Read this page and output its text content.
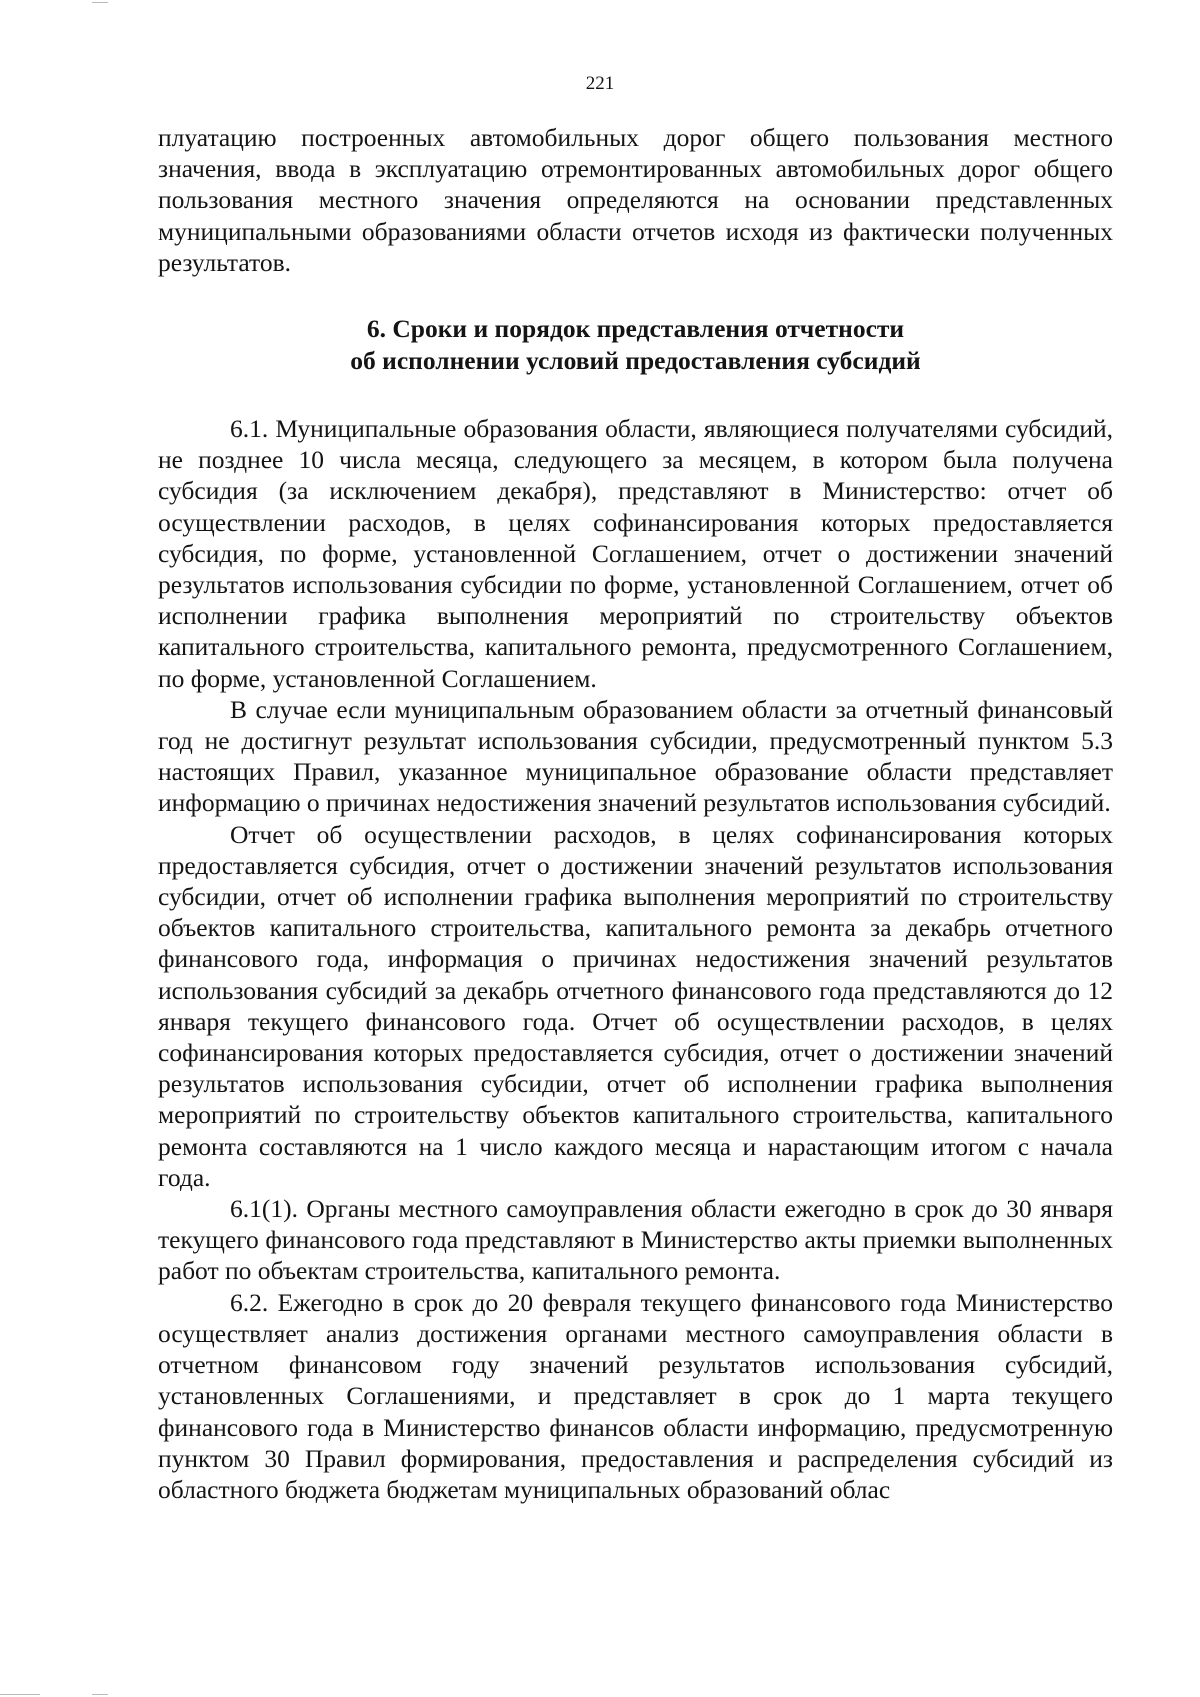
221

плуатацию построенных автомобильных дорог общего пользования местного значения, ввода в эксплуатацию отремонтированных автомобильных дорог общего пользования местного значения определяются на основании представленных муниципальными образованиями области отчетов исходя из фактически полученных результатов.

6. Сроки и порядок представления отчетности
об исполнении условий предоставления субсидий

6.1. Муниципальные образования области, являющиеся получателями субсидий, не позднее 10 числа месяца, следующего за месяцем, в котором была получена субсидия (за исключением декабря), представляют в Министерство: отчет об осуществлении расходов, в целях софинансирования которых предоставляется субсидия, по форме, установленной Соглашением, отчет о достижении значений результатов использования субсидии по форме, установленной Соглашением, отчет об исполнении графика выполнения мероприятий по строительству объектов капитального строительства, капитального ремонта, предусмотренного Соглашением, по форме, установленной Соглашением.

В случае если муниципальным образованием области за отчетный финансовый год не достигнут результат использования субсидии, предусмотренный пунктом 5.3 настоящих Правил, указанное муниципальное образование области представляет информацию о причинах недостижения значений результатов использования субсидий.

Отчет об осуществлении расходов, в целях софинансирования которых предоставляется субсидия, отчет о достижении значений результатов использования субсидии, отчет об исполнении графика выполнения мероприятий по строительству объектов капитального строительства, капитального ремонта за декабрь отчетного финансового года, информация о причинах недостижения значений результатов использования субсидий за декабрь отчетного финансового года представляются до 12 января текущего финансового года. Отчет об осуществлении расходов, в целях софинансирования которых предоставляется субсидия, отчет о достижении значений результатов использования субсидии, отчет об исполнении графика выполнения мероприятий по строительству объектов капитального строительства, капитального ремонта составляются на 1 число каждого месяца и нарастающим итогом с начала года.

6.1(1). Органы местного самоуправления области ежегодно в срок до 30 января текущего финансового года представляют в Министерство акты приемки выполненных работ по объектам строительства, капитального ремонта.

6.2. Ежегодно в срок до 20 февраля текущего финансового года Министерство осуществляет анализ достижения органами местного самоуправления области в отчетном финансовом году значений результатов использования субсидий, установленных Соглашениями, и представляет в срок до 1 марта текущего финансового года в Министерство финансов области информацию, предусмотренную пунктом 30 Правил формирования, предоставления и распределения субсидий из областного бюджета бюджетам муниципальных образований облас
